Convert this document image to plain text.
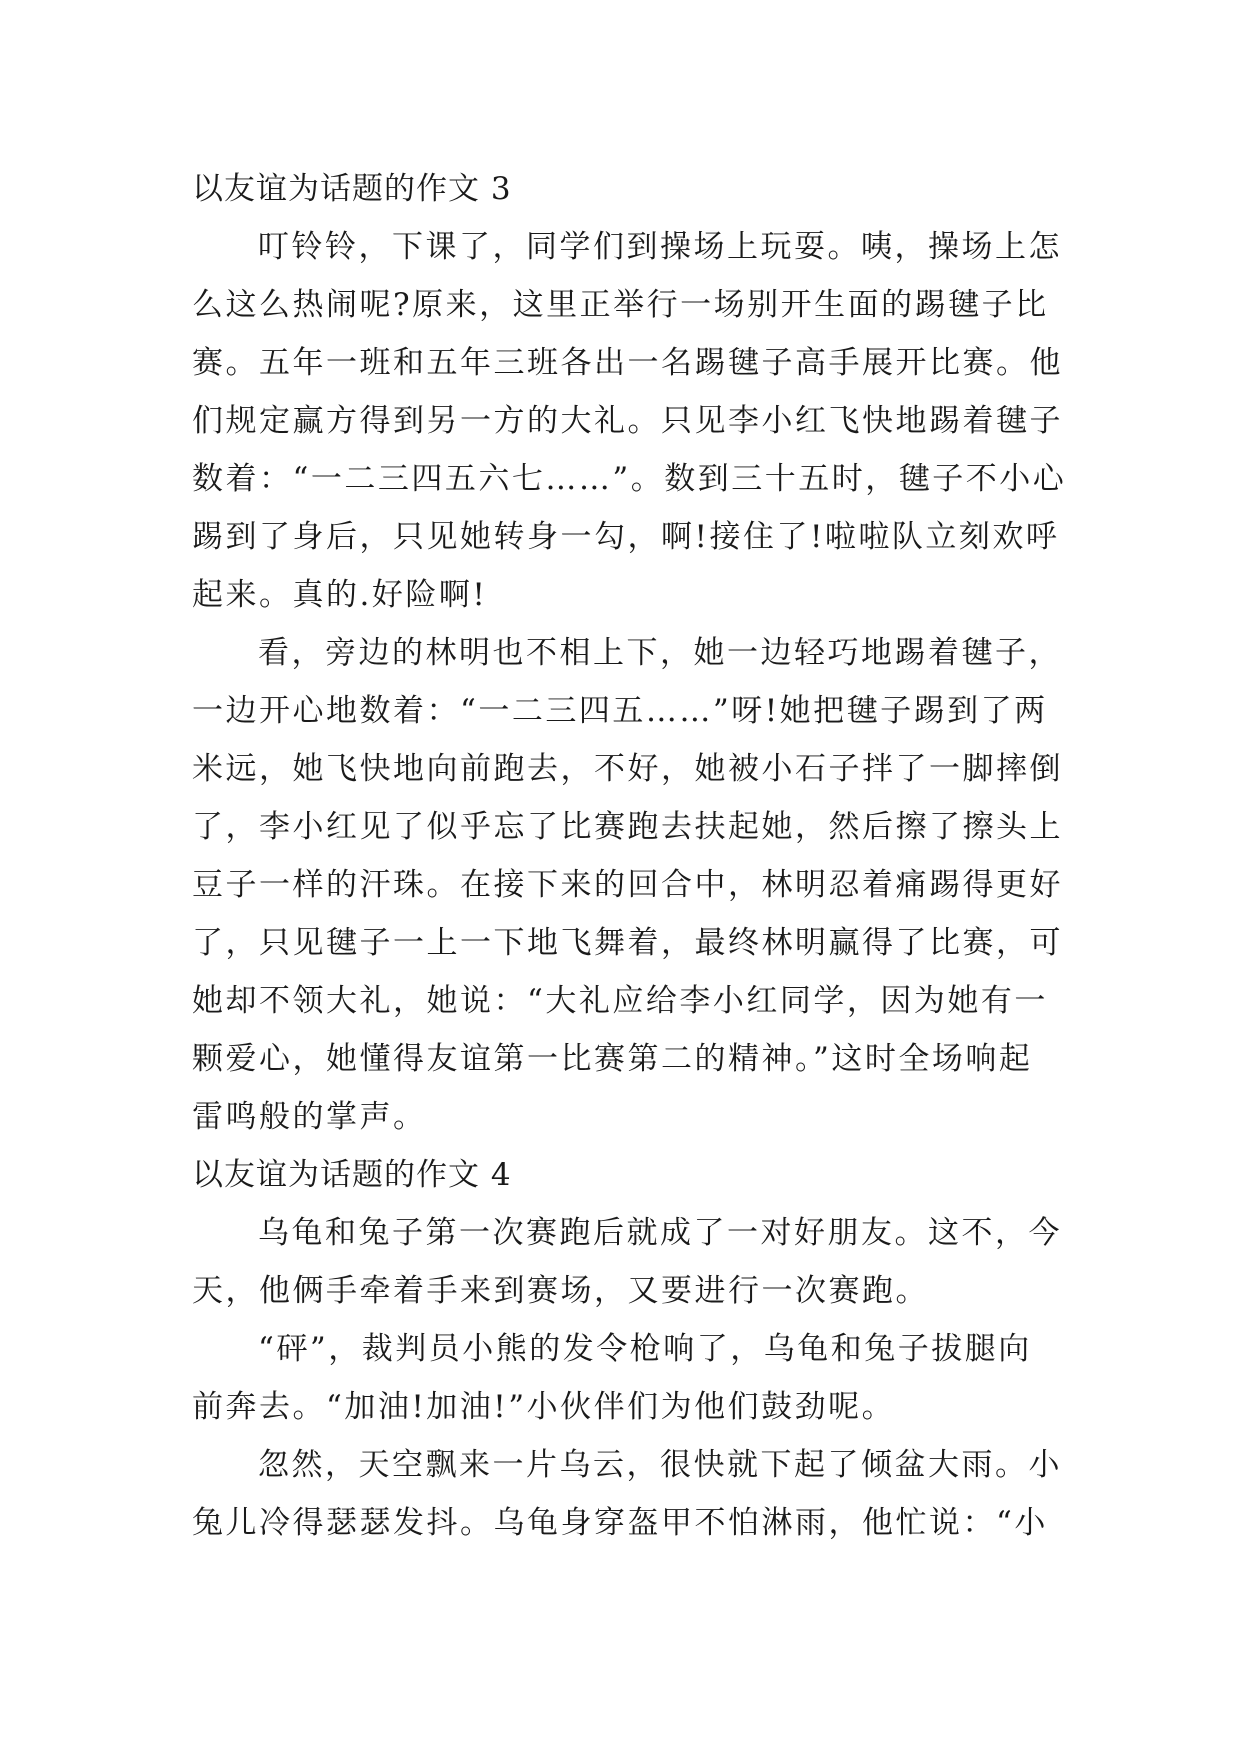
以友谊为话题的作文 3
叮铃铃，下课了，同学们到操场上玩耍。咦，操场上怎
么这么热闹呢?原来，这里正举行一场别开生面的踢毽子比
赛。五年一班和五年三班各出一名踢毽子高手展开比赛。他
们规定赢方得到另一方的大礼。只见李小红飞快地踢着毽子
数着：“一二三四五六七……”。数到三十五时，毽子不小心
踢到了身后，只见她转身一勾，啊!接住了!啦啦队立刻欢呼
起来。真的.好险啊!
看，旁边的林明也不相上下，她一边轻巧地踢着毽子，
一边开心地数着：“一二三四五……”呀!她把毽子踢到了两
米远，她飞快地向前跑去，不好，她被小石子拌了一脚摔倒
了，李小红见了似乎忘了比赛跑去扶起她，然后擦了擦头上
豆子一样的汗珠。在接下来的回合中，林明忍着痛踢得更好
了，只见毽子一上一下地飞舞着，最终林明赢得了比赛，可
她却不领大礼，她说：“大礼应给李小红同学，因为她有一
颗爱心，她懂得友谊第一比赛第二的精神。”这时全场响起
雷鸣般的掌声。
以友谊为话题的作文 4
乌龟和兔子第一次赛跑后就成了一对好朋友。这不，今
天，他俩手牵着手来到赛场，又要进行一次赛跑。
“砰”，裁判员小熊的发令枪响了，乌龟和兔子拔腿向
前奔去。“加油!加油!”小伙伴们为他们鼓劲呢。
忽然，天空飘来一片乌云，很快就下起了倾盆大雨。小
兔儿冷得瑟瑟发抖。乌龟身穿盔甲不怕淋雨，他忙说：“小
